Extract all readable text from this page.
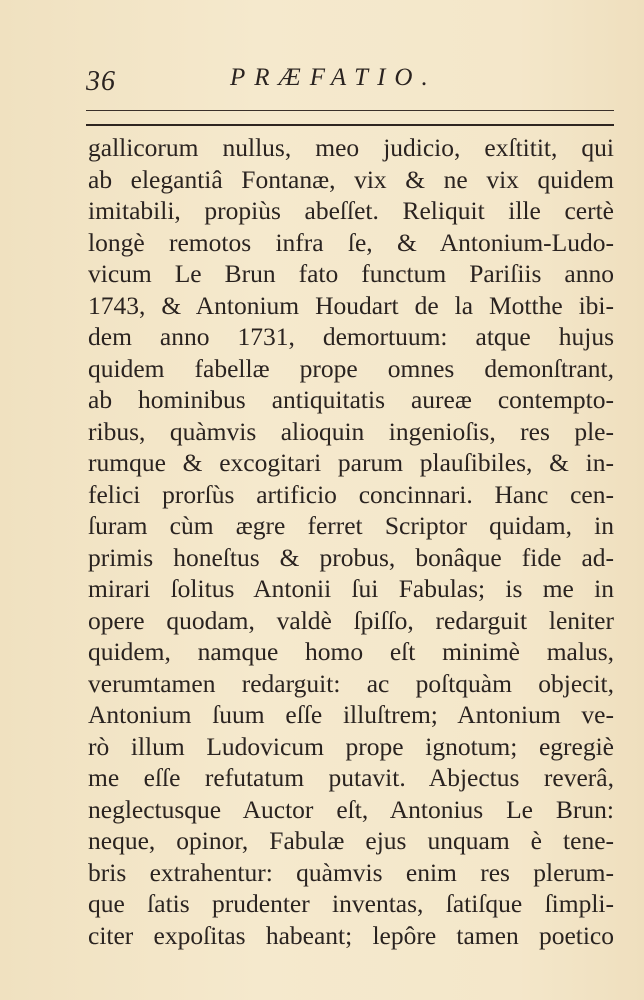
36	PRÆFATIO.
gallicorum nullus, meo judicio, exſtitit, qui
ab elegantiâ Fontanæ, vix & ne vix quidem
imitabili, propiùs abeſſet. Reliquit ille certè
longè remotos infra ſe, & Antonium-Ludo-
vicum Le Brun fato functum Pariſiis anno
1743, & Antonium Houdart de la Motthe ibi-
dem anno 1731, demortuum: atque hujus
quidem fabellæ prope omnes demonſtrant,
ab hominibus antiquitatis aureæ contempto-
ribus, quàmvis alioquin ingenioſis, res ple-
rumque & excogitari parum plauſibiles, & in-
felici prorſùs artificio concinnari. Hanc cen-
ſuram cùm ægre ferret Scriptor quidam, in
primis honeſtus & probus, bonâque fide ad-
mirari ſolitus Antonii ſui Fabulas; is me in
opere quodam, valdè ſpiſſo, redarguit leniter
quidem, namque homo eſt minimè malus,
verumtamen redarguit: ac poſtquàm objecit,
Antonium ſuum eſſe illuſtrem; Antonium ve-
rò illum Ludovicum prope ignotum; egregiè
me eſſe refutatum putavit. Abjectus reverâ,
neglectusque Auctor eſt, Antonius Le Brun:
neque, opinor, Fabulæ ejus unquam è tene-
bris extrahentur: quàmvis enim res plerum-
que ſatis prudenter inventas, ſatiſque ſimpli-
citer expoſitas habeant; lepôre tamen poetico
